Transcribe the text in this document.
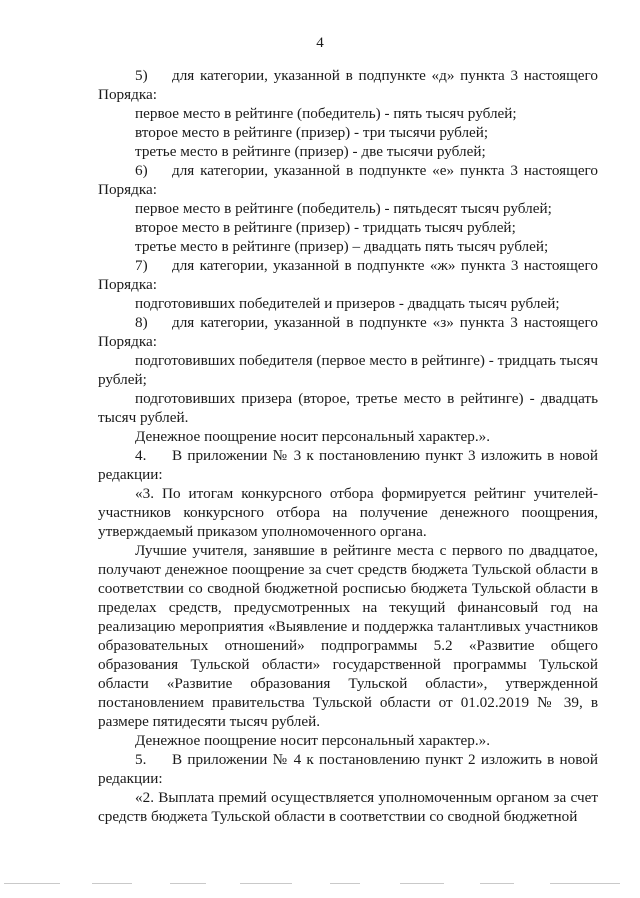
4
5)	для категории, указанной в подпункте «д» пункта 3 настоящего

Порядка:

первое место в рейтинге (победитель) - пять тысяч рублей;

второе место в рейтинге (призер) - три тысячи рублей;

третье место в рейтинге (призер) - две тысячи рублей;

6)	для категории, указанной в подпункте «е» пункта 3 настоящего

Порядка:

первое место в рейтинге (победитель) - пятьдесят тысяч рублей;

второе место в рейтинге (призер) - тридцать тысяч рублей;

третье место в рейтинге (призер) – двадцать пять тысяч рублей;

7)	для категории, указанной в подпункте «ж» пункта 3 настоящего

Порядка:

подготовивших победителей и призеров - двадцать тысяч рублей;

8)	для категории, указанной в подпункте «з» пункта 3 настоящего

Порядка:

подготовивших победителя (первое место в рейтинге) - тридцать тысяч рублей;

подготовивших призера (второе, третье место в рейтинге) - двадцать тысяч рублей.

Денежное поощрение носит персональный характер.».

4.	В приложении № 3 к постановлению пункт 3 изложить в новой

редакции:

«3. По итогам конкурсного отбора формируется рейтинг учителей-участников конкурсного отбора на получение денежного поощрения, утверждаемый приказом уполномоченного органа.

Лучшие учителя, занявшие в рейтинге места с первого по двадцатое, получают денежное поощрение за счет средств бюджета Тульской области в соответствии со сводной бюджетной росписью бюджета Тульской области в пределах средств, предусмотренных на текущий финансовый год на реализацию мероприятия «Выявление и поддержка талантливых участников образовательных отношений» подпрограммы 5.2 «Развитие общего образования Тульской области» государственной программы Тульской области «Развитие образования Тульской области», утвержденной постановлением правительства Тульской области от 01.02.2019 № 39, в размере пятидесяти тысяч рублей.

Денежное поощрение носит персональный характер.».

5.	В приложении № 4 к постановлению пункт 2 изложить в новой

редакции:

«2. Выплата премий осуществляется уполномоченным органом за счет средств бюджета Тульской области в соответствии со сводной бюджетной
